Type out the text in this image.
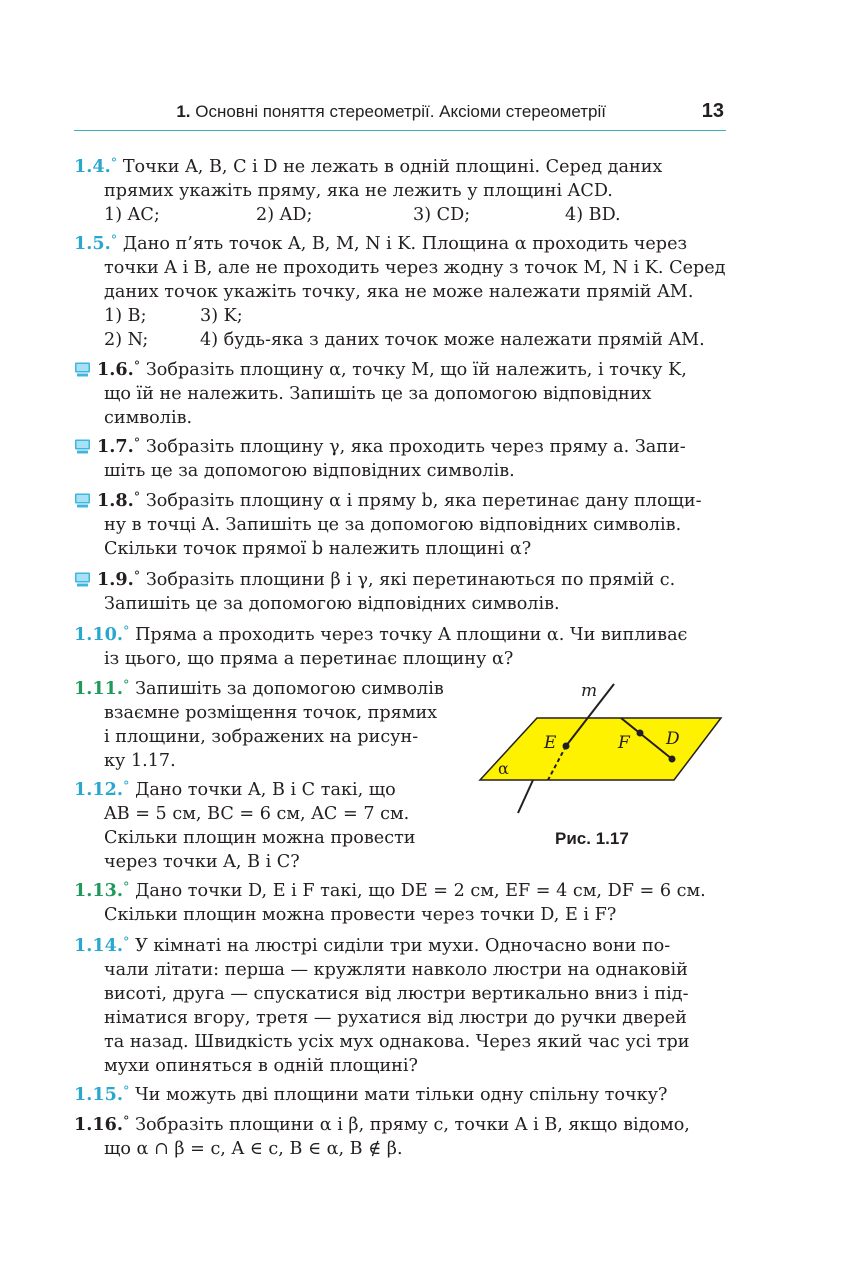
1. Основні поняття стереометрії. Аксіоми стереометрії	13

1.4.° Точки A, B, C і D не лежать в одній площині. Серед даних

прямих укажіть пряму, яка не лежить у площині ACD.

1) AC;	2) AD;	3) CD;	4) BD.

1.5.° Дано п’ять точок A, B, M, N і K. Площина α проходить через

точки A і B, але не проходить через жодну з точок M, N і K. Серед

даних точок укажіть точку, яка не може належати прямій AM.

1) B;	3) K;
2) N;	4) будь-яка з даних точок може належати прямій AM.

1.6.° Зобразіть площину α, точку M, що їй належить, і точку K,

що їй не належить. Запишіть це за допомогою відповідних

символів.

1.7.° Зобразіть площину γ, яка проходить через пряму a. Запи-

шіть це за допомогою відповідних символів.

1.8.° Зобразіть площину α і пряму b, яка перетинає дану площи-

ну в точці A. Запишіть це за допомогою відповідних символів.

Скільки точок прямої b належить площині α?

1.9.° Зобразіть площини β і γ, які перетинаються по прямій c.

Запишіть це за допомогою відповідних символів.

1.10.° Пряма a проходить через точку A площини α. Чи випливає

із цього, що пряма a перетинає площину α?

1.11.° Запишіть за допомогою символів

взаємне розміщення точок, прямих

і площини, зображених на рисун-

ку 1.17.

1.12.° Дано точки A, B і C такі, що

AB = 5 см, BC = 6 см, AC = 7 см.

Скільки площин можна провести

через точки A, B і C?

m
E	F D
α
Рис. 1.17

1.13.° Дано точки D, E і F такі, що DE = 2 см, EF = 4 см, DF = 6 см.

Скільки площин можна провести через точки D, E і F?

1.14.° У кімнаті на люстрі сиділи три мухи. Одночасно вони по-

чали літати: перша — кружляти навколо люстри на однаковій

висоті, друга — спускатися від люстри вертикально вниз і під-

німатися вгору, третя — рухатися від люстри до ручки дверей

та назад. Швидкість усіх мух однакова. Через який час усі три

мухи опиняться в одній площині?

1.15.° Чи можуть дві площини мати тільки одну спільну точку?

1.16.° Зобразіть площини α і β, пряму c, точки A і B, якщо відомо,

що α ∩ β = c, A ∈ c, B ∈ α, B ∉ β.
